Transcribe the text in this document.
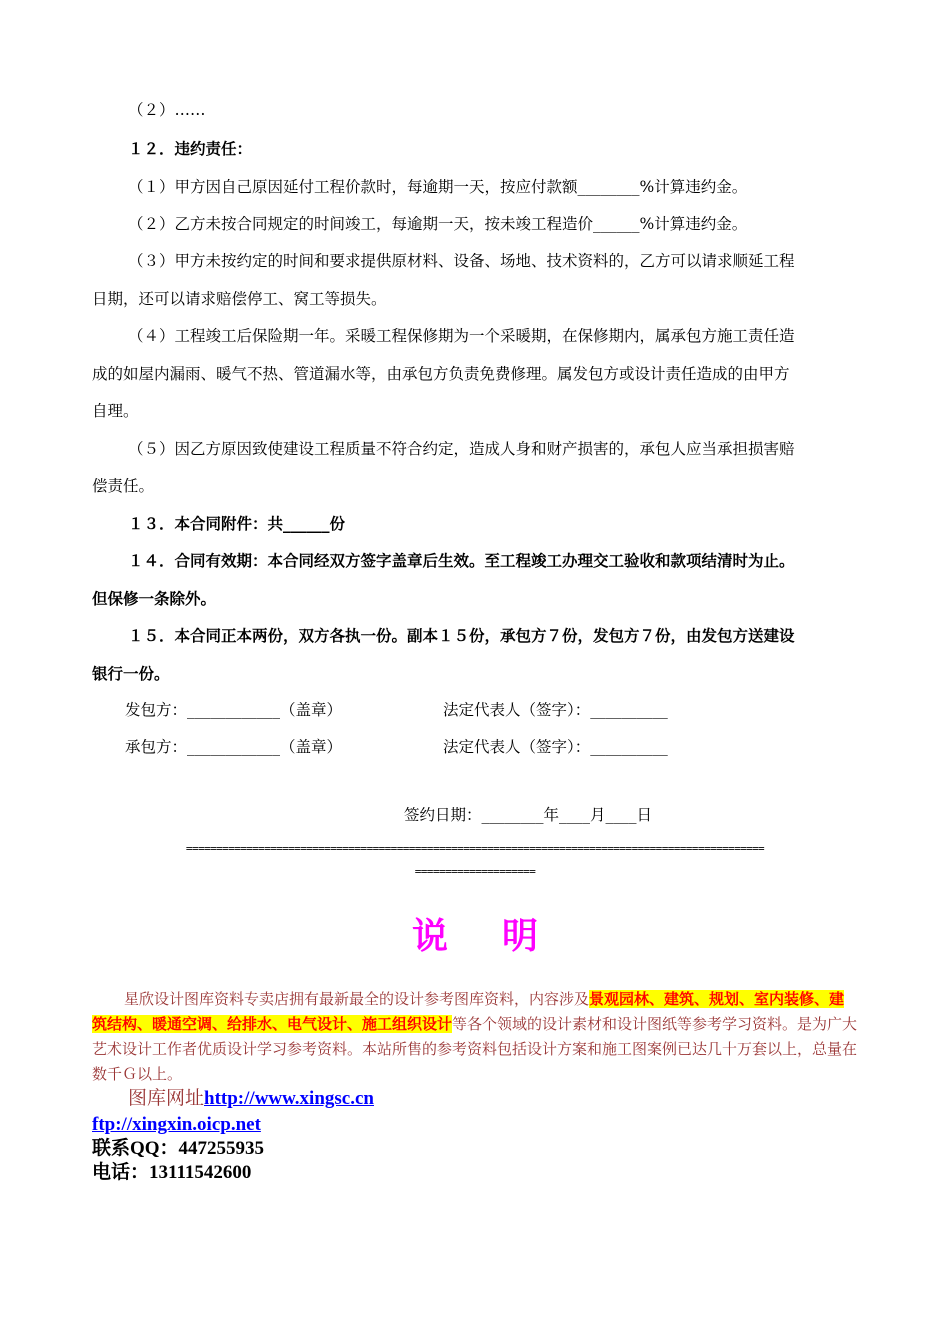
（２）……
１２．违约责任：
（１）甲方因自己原因延付工程价款时，每逾期一天，按应付款额________%计算违约金。
（２）乙方未按合同规定的时间竣工，每逾期一天，按未竣工程造价______%计算违约金。
（３）甲方未按约定的时间和要求提供原材料、设备、场地、技术资料的，乙方可以请求顺延工程
日期，还可以请求赔偿停工、窝工等损失。
（４）工程竣工后保险期一年。采暖工程保修期为一个采暖期，在保修期内，属承包方施工责任造
成的如屋内漏雨、暖气不热、管道漏水等，由承包方负责免费修理。属发包方或设计责任造成的由甲方
自理。
（５）因乙方原因致使建设工程质量不符合约定，造成人身和财产损害的，承包人应当承担损害赔
偿责任。
１３．本合同附件：共______份
１４．合同有效期：本合同经双方签字盖章后生效。至工程竣工办理交工验收和款项结清时为止。
但保修一条除外。
１５．本合同正本两份，双方各执一份。副本１５份，承包方７份，发包方７份，由发包方送建设
银行一份。
发包方：____________（盖章）	法定代表人（签字）：__________
承包方：____________（盖章）	法定代表人（签字）：__________
签约日期：________年____月____日
================================================================================================
====================
说明
星欣设计图库资料专卖店拥有最新最全的设计参考图库资料，内容涉及景观园林、建筑、规划、室内装修、建筑结构、暖通空调、给排水、电气设计、施工组织设计等各个领域的设计素材和设计图纸等参考学习资料。是为广大艺术设计工作者优质设计学习参考资料。本站所售的参考资料包括设计方案和施工图案例已达几十万套以上，总量在数千Ｇ以上。
图库网址http://www.xingsc.cn
ftp://xingxin.oicp.net
联系QQ：447255935
电话：13111542600
